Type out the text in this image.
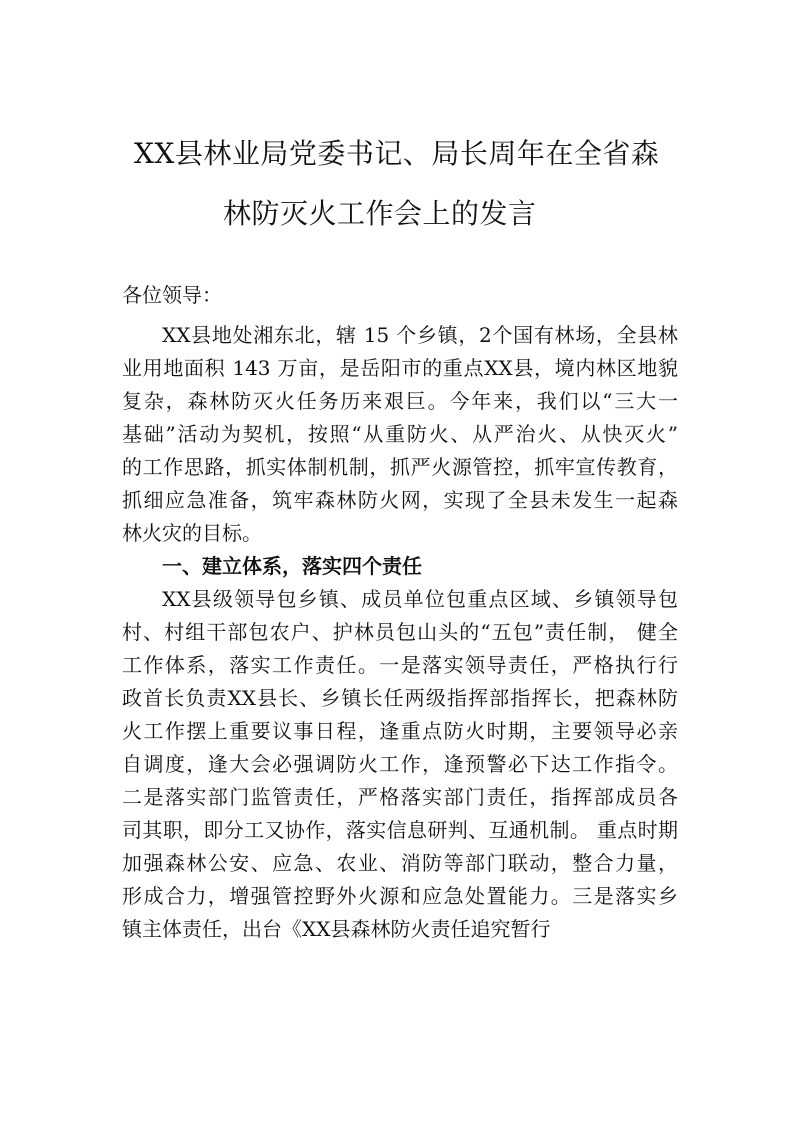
XX县林业局党委书记、局长周年在全省森
林防灭火工作会上的发言
各位领导：
XX县地处湘东北，辖 15 个乡镇，2个国有林场，全县林
业用地面积 143 万亩，是岳阳市的重点XX县，境内林区地貌
复杂，森林防灭火任务历来艰巨。今年来，我们以“三大一
基础”活动为契机，按照“从重防火、从严治火、从快灭火”
的工作思路，抓实体制机制，抓严火源管控，抓牢宣传教育，
抓细应急准备，筑牢森林防火网，实现了全县未发生一起森
林火灾的目标。
一、建立体系，落实四个责任
XX县级领导包乡镇、成员单位包重点区域、乡镇领导包
村、村组干部包农户、护林员包山头的“五包”责任制， 健全
工作体系，落实工作责任。一是落实领导责任，严格执行行
政首长负责XX县长、乡镇长任两级指挥部指挥长，把森林防
火工作摆上重要议事日程，逢重点防火时期，主要领导必亲
自调度，逢大会必强调防火工作，逢预警必下达工作指令。
二是落实部门监管责任，严格落实部门责任，指挥部成员各
司其职，即分工又协作，落实信息研判、互通机制。 重点时期
加强森林公安、应急、农业、消防等部门联动，整合力量，
形成合力，增强管控野外火源和应急处置能力。三是落实乡
镇主体责任，出台《XX县森林防火责任追究暂行
